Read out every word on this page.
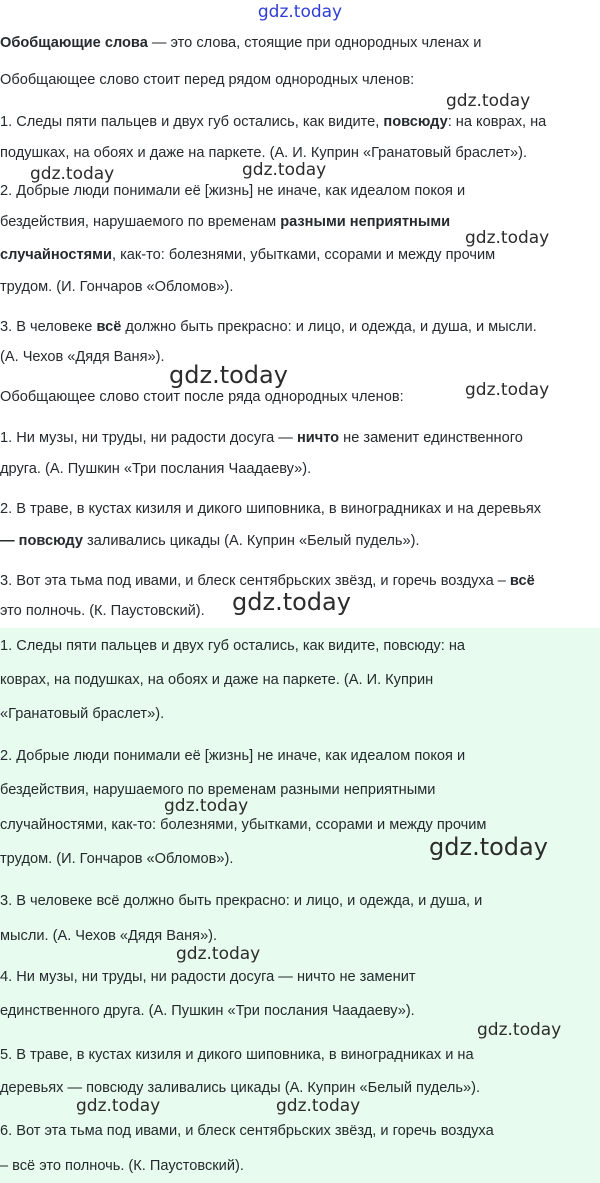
gdz.today
Обобщающие слова — это слова, стоящие при однородных членах и
Обобщающее слово стоит перед рядом однородных членов:
1. Следы пяти пальцев и двух губ остались, как видите, повсюду: на коврах, на
подушках, на обоях и даже на паркете. (А. И. Куприн «Гранатовый браслет»).
2. Добрые люди понимали её [жизнь] не иначе, как идеалом покоя и
бездействия, нарушаемого по временам разными неприятными
случайностями, как-то: болезнями, убытками, ссорами и между прочим
трудом. (И. Гончаров «Обломов»).
3. В человеке всё должно быть прекрасно: и лицо, и одежда, и душа, и мысли.
(А. Чехов «Дядя Ваня»).
Обобщающее слово стоит после ряда однородных членов:
1. Ни музы, ни труды, ни радости досуга — ничто не заменит единственного
друга. (А. Пушкин «Три послания Чаадаеву»).
2. В траве, в кустах кизиля и дикого шиповника, в виноградниках и на деревьях
— повсюду заливались цикады (А. Куприн «Белый пудель»).
3. Вот эта тьма под ивами, и блеск сентябрьских звёзд, и горечь воздуха – всё
это полночь. (К. Паустовский).
1. Следы пяти пальцев и двух губ остались, как видите, повсюду: на
коврах, на подушках, на обоях и даже на паркете. (А. И. Куприн
«Гранатовый браслет»).
2. Добрые люди понимали её [жизнь] не иначе, как идеалом покоя и
бездействия, нарушаемого по временам разными неприятными
случайностями, как-то: болезнями, убытками, ссорами и между прочим
трудом. (И. Гончаров «Обломов»).
3. В человеке всё должно быть прекрасно: и лицо, и одежда, и душа, и
мысли. (А. Чехов «Дядя Ваня»).
4. Ни музы, ни труды, ни радости досуга — ничто не заменит
единственного друга. (А. Пушкин «Три послания Чаадаеву»).
5. В траве, в кустах кизиля и дикого шиповника, в виноградниках и на
деревьях — повсюду заливались цикады (А. Куприн «Белый пудель»).
6. Вот эта тьма под ивами, и блеск сентябрьских звёзд, и горечь воздуха
– всё это полночь. (К. Паустовский).
gdz.today
gdz.today	gdz.today
gdz.today
gdz.today
gdz.today
gdz.today
gdz.today
gdz.today
gdz.today
gdz.today
gdz.today	gdz.today
